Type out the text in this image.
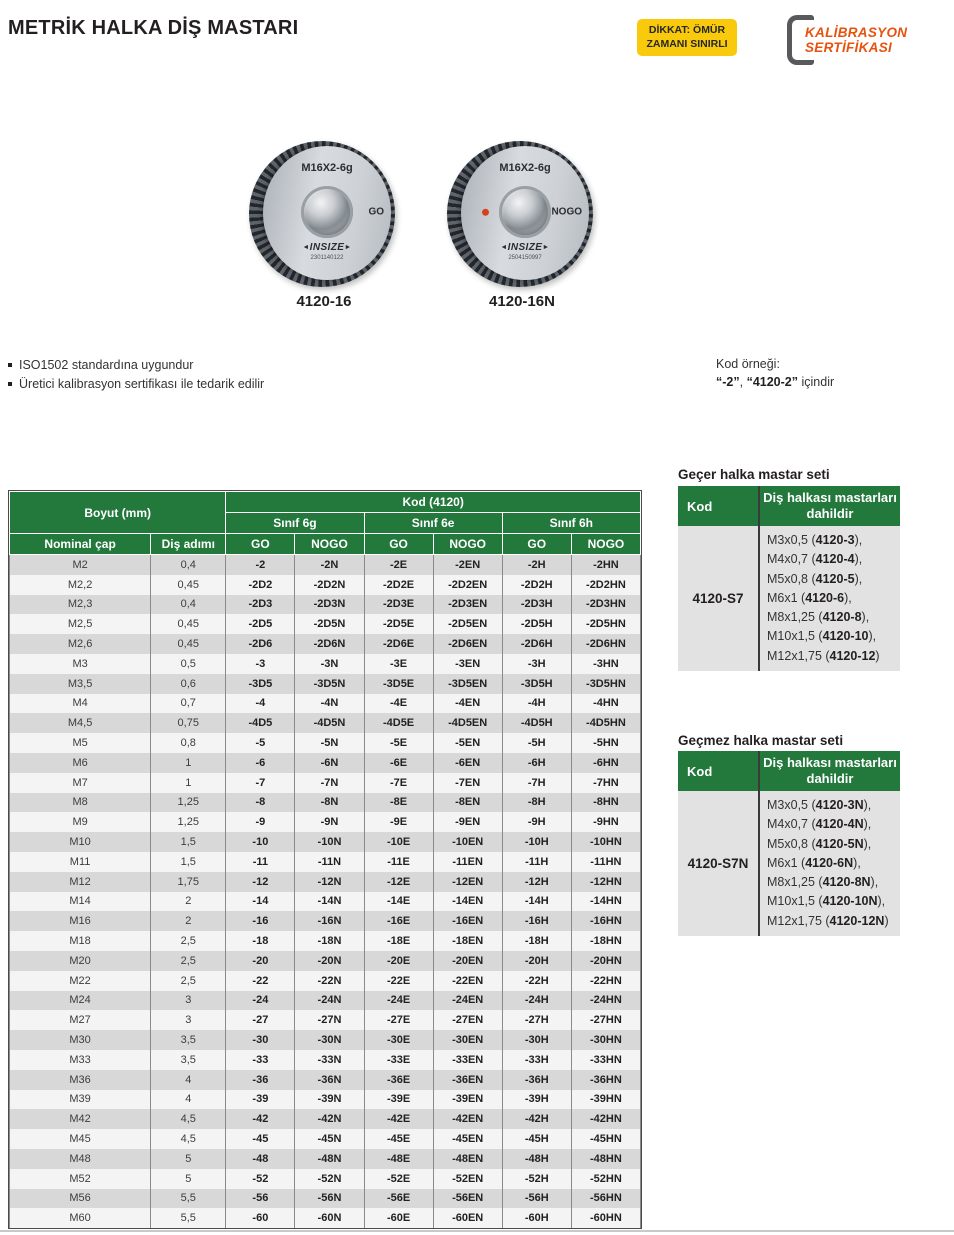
METRİK HALKA DİŞ MASTARI	DİKKAT: ÖMÜR
ZAMANI SINIRLI
KALİBRASYON
SERTİFİKASI
M16X2-6g
GO
◄ INSIZE ►
2301140122
4120-16
M16X2-6g
NOGO
◄ INSIZE ►
2504150997
4120-16N
ISO1502 standardına uygundur
Üretici kalibrasyon sertifikası ile tedarik edilir
Kod örneği:
“-2”, “4120-2” içindir
Boyut (mm)		Kod (4120)					
		Sınıf 6g		Sınıf 6e		Sınıf 6h	
Nominal çap	Diş adımı	GO	NOGO	GO	NOGO	GO	NOGO
M2	0,4	-2	-2N	-2E	-2EN	-2H	-2HN
M2,2	0,45	-2D2	-2D2N	-2D2E	-2D2EN	-2D2H	-2D2HN
M2,3	0,4	-2D3	-2D3N	-2D3E	-2D3EN	-2D3H	-2D3HN
M2,5	0,45	-2D5	-2D5N	-2D5E	-2D5EN	-2D5H	-2D5HN
M2,6	0,45	-2D6	-2D6N	-2D6E	-2D6EN	-2D6H	-2D6HN
M3	0,5	-3	-3N	-3E	-3EN	-3H	-3HN
M3,5	0,6	-3D5	-3D5N	-3D5E	-3D5EN	-3D5H	-3D5HN
M4	0,7	-4	-4N	-4E	-4EN	-4H	-4HN
M4,5	0,75	-4D5	-4D5N	-4D5E	-4D5EN	-4D5H	-4D5HN
M5	0,8	-5	-5N	-5E	-5EN	-5H	-5HN
M6	1	-6	-6N	-6E	-6EN	-6H	-6HN
M7	1	-7	-7N	-7E	-7EN	-7H	-7HN
M8	1,25	-8	-8N	-8E	-8EN	-8H	-8HN
M9	1,25	-9	-9N	-9E	-9EN	-9H	-9HN
M10	1,5	-10	-10N	-10E	-10EN	-10H	-10HN
M11	1,5	-11	-11N	-11E	-11EN	-11H	-11HN
M12	1,75	-12	-12N	-12E	-12EN	-12H	-12HN
M14	2	-14	-14N	-14E	-14EN	-14H	-14HN
M16	2	-16	-16N	-16E	-16EN	-16H	-16HN
M18	2,5	-18	-18N	-18E	-18EN	-18H	-18HN
M20	2,5	-20	-20N	-20E	-20EN	-20H	-20HN
M22	2,5	-22	-22N	-22E	-22EN	-22H	-22HN
M24	3	-24	-24N	-24E	-24EN	-24H	-24HN
M27	3	-27	-27N	-27E	-27EN	-27H	-27HN
M30	3,5	-30	-30N	-30E	-30EN	-30H	-30HN
M33	3,5	-33	-33N	-33E	-33EN	-33H	-33HN
M36	4	-36	-36N	-36E	-36EN	-36H	-36HN
M39	4	-39	-39N	-39E	-39EN	-39H	-39HN
M42	4,5	-42	-42N	-42E	-42EN	-42H	-42HN
M45	4,5	-45	-45N	-45E	-45EN	-45H	-45HN
M48	5	-48	-48N	-48E	-48EN	-48H	-48HN
M52	5	-52	-52N	-52E	-52EN	-52H	-52HN
M56	5,5	-56	-56N	-56E	-56EN	-56H	-56HN
M60	5,5	-60	-60N	-60E	-60EN	-60H	-60HN
Geçer halka mastar seti
Kod
Diş halkası mastarları dahildir
4120-S7
M3x0,5 (4120-3),
M4x0,7 (4120-4),
M5x0,8 (4120-5),
M6x1 (4120-6),
M8x1,25 (4120-8),
M10x1,5 (4120-10),
M12x1,75 (4120-12)
Geçmez halka mastar seti
Kod
Diş halkası mastarları dahildir
4120-S7N
M3x0,5 (4120-3N),
M4x0,7 (4120-4N),
M5x0,8 (4120-5N),
M6x1 (4120-6N),
M8x1,25 (4120-8N),
M10x1,5 (4120-10N),
M12x1,75 (4120-12N)
